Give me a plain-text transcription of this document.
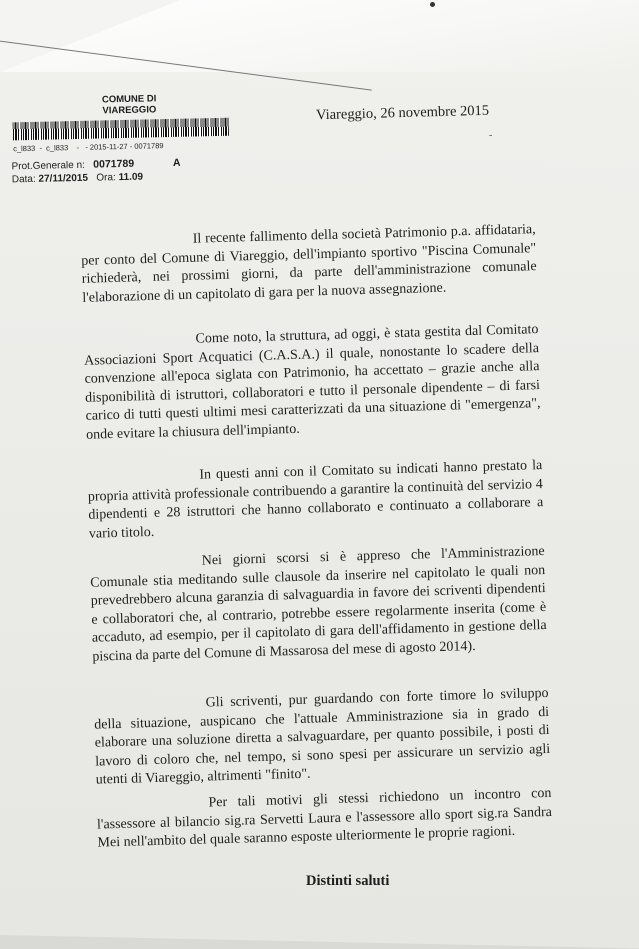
COMUNE DI
VIAREGGIO
c_l833  -  c_l833    -   - 2015-11-27 - 0071789
Prot.Generale n: 0071789	A
Data: 27/11/2015 Ora: 11.09
Viareggio, 26 novembre 2015
-

Il recente fallimento della società Patrimonio p.a. affidataria, per conto del Comune di Viareggio, dell'impianto sportivo "Piscina Comunale" richiederà, nei prossimi giorni, da parte dell'amministrazione comunale l'elaborazione di un capitolato di gara per la nuova assegnazione.

Come noto, la struttura, ad oggi, è stata gestita dal Comitato Associazioni Sport Acquatici (C.A.S.A.) il quale, nonostante lo scadere della convenzione all'epoca siglata con Patrimonio, ha accettato – grazie anche alla disponibilità di istruttori, collaboratori e tutto il personale dipendente – di farsi carico di tutti questi ultimi mesi caratterizzati da una situazione di "emergenza", onde evitare la chiusura dell'impianto.

In questi anni con il Comitato su indicati hanno prestato la propria attività professionale contribuendo a garantire la continuità del servizio 4 dipendenti e 28 istruttori che hanno collaborato e continuato a collaborare a vario titolo.

Nei giorni scorsi si è appreso che l'Amministrazione Comunale stia meditando sulle clausole da inserire nel capitolato le quali non prevedrebbero alcuna garanzia di salvaguardia in favore dei scriventi dipendenti e collaboratori che, al contrario, potrebbe essere regolarmente inserita (come è accaduto, ad esempio, per il capitolato di gara dell'affidamento in gestione della piscina da parte del Comune di Massarosa del mese di agosto 2014).

Gli scriventi, pur guardando con forte timore lo sviluppo della situazione, auspicano che l'attuale Amministrazione sia in grado di elaborare una soluzione diretta a salvaguardare, per quanto possibile, i posti di lavoro di coloro che, nel tempo, si sono spesi per assicurare un servizio agli utenti di Viareggio, altrimenti "finito".

Per tali motivi gli stessi richiedono un incontro con l'assessore al bilancio sig.ra Servetti Laura e l'assessore allo sport sig.ra Sandra Mei nell'ambito del quale saranno esposte ulteriormente le proprie ragioni.

Distinti saluti
